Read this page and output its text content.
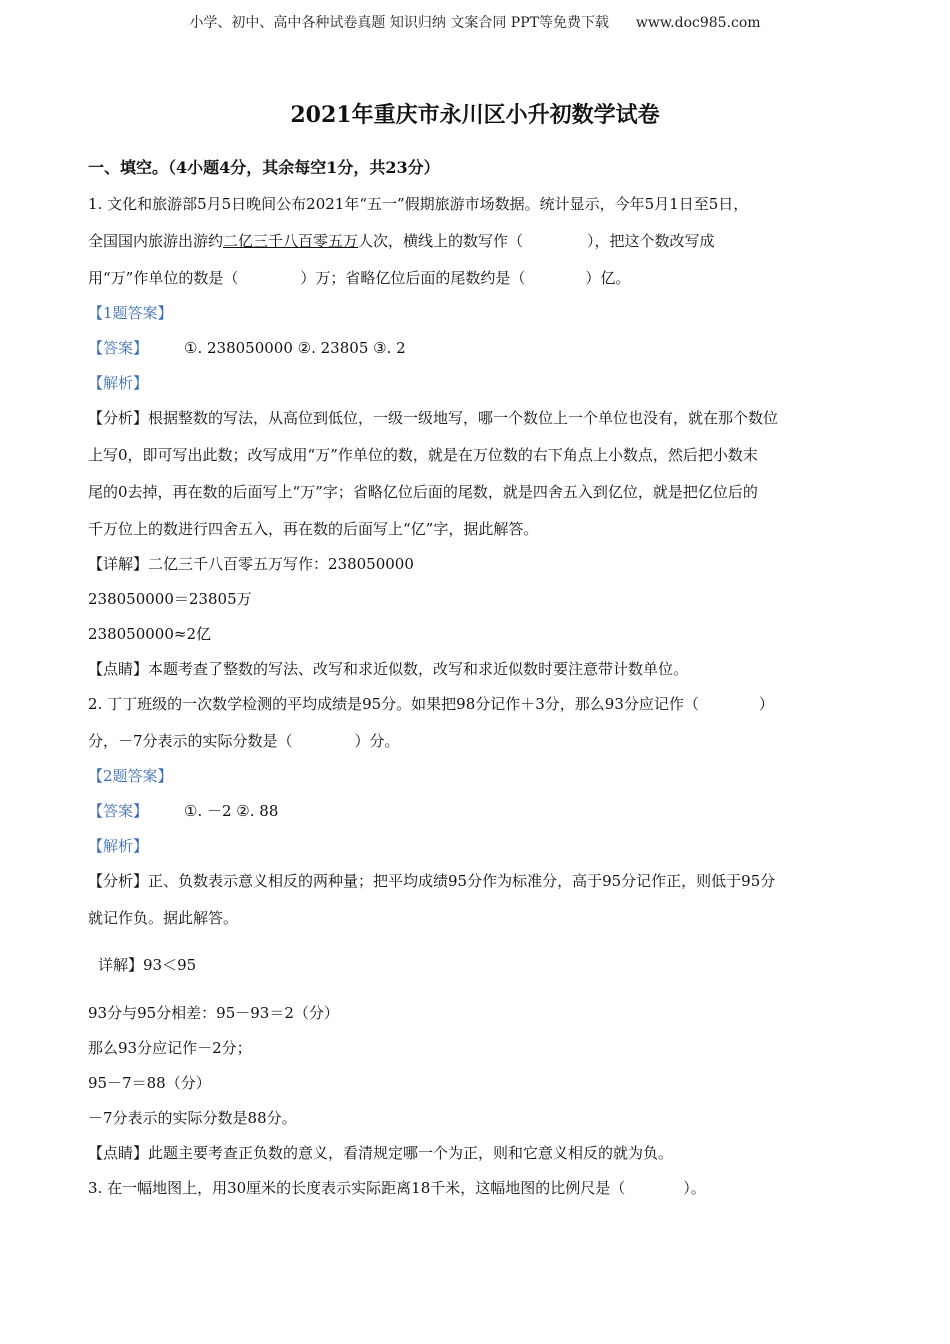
小学、初中、高中各种试卷真题 知识归纳 文案合同 PPT等免费下载 www.doc985.com
2021年重庆市永川区小升初数学试卷
一、填空。（4小题4分，其余每空1分，共23分）
1. 文化和旅游部5月5日晚间公布2021年“五一”假期旅游市场数据。统计显示，今年5月1日至5日，
全国国内旅游出游约二亿三千八百零五万人次，横线上的数写作（	），把这个数改写成
用“万”作单位的数是（	）万；省略亿位后面的尾数约是（	）亿。
【1题答案】
【答案】 ①. 238050000 ②. 23805 ③. 2
【解析】
【分析】根据整数的写法，从高位到低位，一级一级地写，哪一个数位上一个单位也没有，就在那个数位
上写0，即可写出此数；改写成用“万”作单位的数，就是在万位数的右下角点上小数点，然后把小数末
尾的0去掉，再在数的后面写上“万”字；省略亿位后面的尾数，就是四舍五入到亿位，就是把亿位后的
千万位上的数进行四舍五入，再在数的后面写上“亿”字，据此解答。
【详解】二亿三千八百零五万写作：238050000
238050000＝23805万
238050000≈2亿
【点睛】本题考查了整数的写法、改写和求近似数，改写和求近似数时要注意带计数单位。
2. 丁丁班级的一次数学检测的平均成绩是95分。如果把98分记作＋3分，那么93分应记作（	）
分，－7分表示的实际分数是（	）分。
【2题答案】
【答案】 ①. －2 ②. 88
【解析】
【分析】正、负数表示意义相反的两种量；把平均成绩95分作为标准分，高于95分记作正，则低于95分
就记作负。据此解答。
详解】93＜95
93分与95分相差：95－93＝2（分）
那么93分应记作－2分；
95－7＝88（分）
－7分表示的实际分数是88分。
【点睛】此题主要考查正负数的意义，看清规定哪一个为正，则和它意义相反的就为负。
3. 在一幅地图上，用30厘米的长度表示实际距离18千米，这幅地图的比例尺是（	）。
